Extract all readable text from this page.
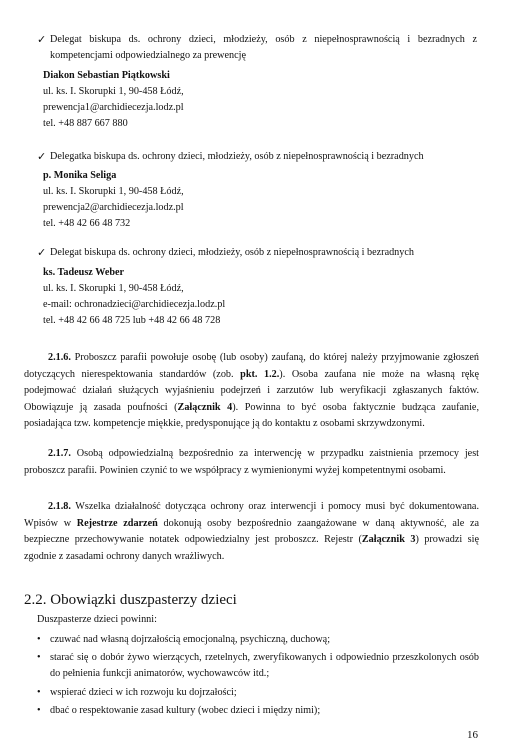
✓ Delegat biskupa ds. ochrony dzieci, młodzieży, osób z niepełnosprawnością i bezradnych z kompetencjami odpowiedzialnego za prewencję
Diakon Sebastian Piątkowski
ul. ks. I. Skorupki 1, 90-458 Łódź,
prewencja1@archidiecezja.lodz.pl
tel. +48 887 667 880
✓ Delegatka biskupa ds. ochrony dzieci, młodzieży, osób z niepełnosprawnością i bezradnych
p. Monika Seliga
ul. ks. I. Skorupki 1, 90-458 Łódź,
prewencja2@archidiecezja.lodz.pl
tel. +48 42 66 48 732
✓ Delegat biskupa ds. ochrony dzieci, młodzieży, osób z niepełnosprawnością i bezradnych
ks. Tadeusz Weber
ul. ks. I. Skorupki 1, 90-458 Łódź,
e-mail: ochronadzieci@archidiecezja.lodz.pl
tel. +48 42 66 48 725 lub +48 42 66 48 728
2.1.6. Proboszcz parafii powołuje osobę (lub osoby) zaufaną, do której należy przyjmowanie zgłoszeń dotyczących nierespektowania standardów (zob. pkt. 1.2.). Osoba zaufana nie może na własną rękę podejmować działań służących wyjaśnieniu podejrzeń i zarzutów lub weryfikacji zgłaszanych faktów. Obowiązuje ją zasada poufności (Załącznik 4). Powinna to być osoba faktycznie budząca zaufanie, posiadająca tzw. kompetencje miękkie, predysponujące ją do kontaktu z osobami skrzywdzonymi.
2.1.7. Osobą odpowiedzialną bezpośrednio za interwencję w przypadku zaistnienia przemocy jest proboszcz parafii. Powinien czynić to we współpracy z wymienionymi wyżej kompetentnymi osobami.
2.1.8. Wszelka działalność dotycząca ochrony oraz interwencji i pomocy musi być dokumentowana. Wpisów w Rejestrze zdarzeń dokonują osoby bezpośrednio zaangażowane w daną aktywność, ale za bezpieczne przechowywanie notatek odpowiedzialny jest proboszcz. Rejestr (Załącznik 3) prowadzi się zgodnie z zasadami ochrony danych wrażliwych.
2.2. Obowiązki duszpasterzy dzieci
Duszpasterze dzieci powinni:
• czuwać nad własną dojrzałością emocjonalną, psychiczną, duchową;
• starać się o dobór żywo wierzących, rzetelnych, zweryfikowanych i odpowiednio przeszkolonych osób do pełnienia funkcji animatorów, wychowawców itd.;
• wspierać dzieci w ich rozwoju ku dojrzałości;
• dbać o respektowanie zasad kultury (wobec dzieci i między nimi);
16
